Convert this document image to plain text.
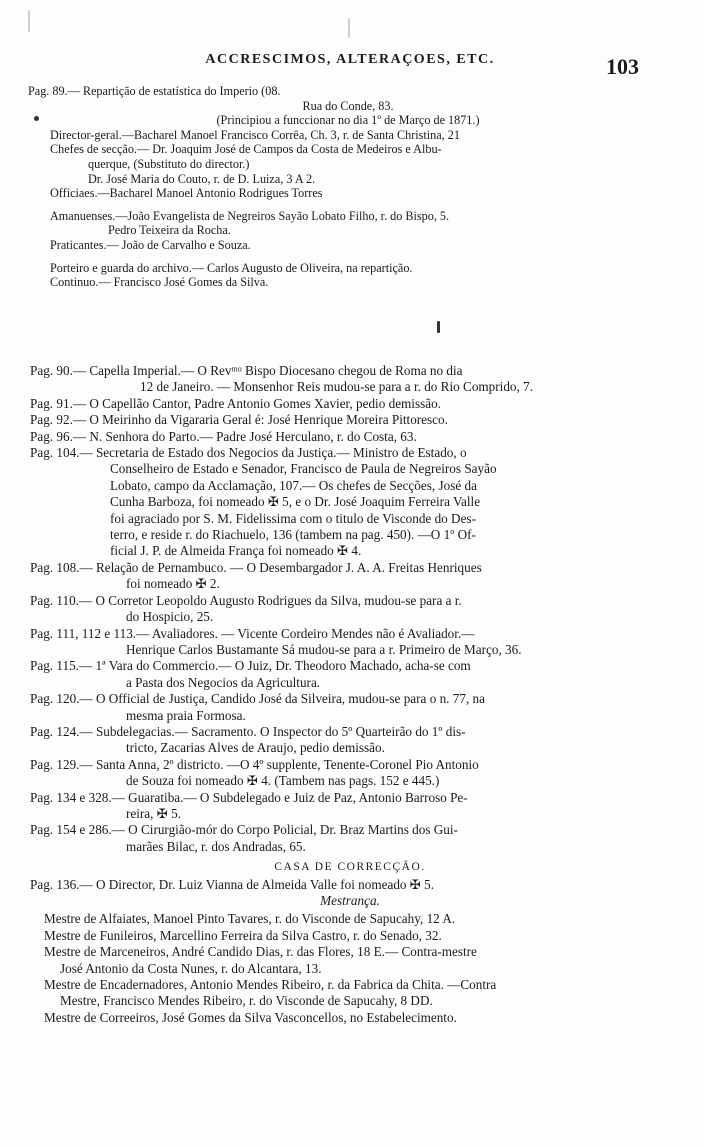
ACCRESCIMOS, ALTERAÇOES, ETC.	103
Pag. 89.— Repartição de estatística do Imperio (08.
Rua do Conde, 83.
(Principiou a funccionar no dia 1º de Março de 1871.)
Director-geral.—Bacharel Manoel Francisco Corrêa, Ch. 3, r. de Santa Christina, 21
Chefes de secção.— Dr. Joaquim José de Campos da Costa de Medeiros e Albu-
querque, (Substituto do director.)
Dr. José Maria do Couto, r. de D. Luiza, 3 A 2.
Officiaes.—Bacharel Manoel Antonio Rodrigues Torres
Amanuenses.—João Evangelista de Negreiros Sayão Lobato Filho, r. do Bispo, 5.
Pedro Teixeira da Rocha.
Praticantes.— João de Carvalho e Souza.
Porteiro e guarda do archivo.— Carlos Augusto de Oliveira, na repartição.
Continuo.— Francisco José Gomes da Silva.
Pag. 90.— Capella Imperial.— O Revᵐᵒ Bispo Diocesano chegou de Roma no dia
12 de Janeiro. — Monsenhor Reis mudou-se para a r. do Rio Comprido, 7.
Pag. 91.— O Capellão Cantor, Padre Antonio Gomes Xavier, pedio demissão.
Pag. 92.— O Meirinho da Vigararia Geral é: José Henrique Moreira Pittoresco.
Pag. 96.— N. Senhora do Parto.— Padre José Herculano, r. do Costa, 63.
Pag. 104.— Secretaria de Estado dos Negocios da Justiça.— Ministro de Estado, o
Conselheiro de Estado e Senador, Francisco de Paula de Negreiros Sayão
Lobato, campo da Acclamação, 107.— Os chefes de Secções, José da
Cunha Barboza, foi nomeado ✠ 5, e o Dr. José Joaquim Ferreira Valle
foi agraciado por S. M. Fidelissima com o titulo de Visconde do Des-
terro, e reside r. do Riachuelo, 136 (tambem na pag. 450). —O 1º Of-
ficial J. P. de Almeida França foi nomeado ✠ 4.
Pag. 108.— Relação de Pernambuco. — O Desembargador J. A. A. Freitas Henriques
foi nomeado ✠ 2.
Pag. 110.— O Corretor Leopoldo Augusto Rodrigues da Silva, mudou-se para a r.
do Hospicio, 25.
Pag. 111, 112 e 113.— Avaliadores. — Vicente Cordeiro Mendes não é Avaliador.—
Henrique Carlos Bustamante Sá mudou-se para a r. Primeiro de Março, 36.
Pag. 115.— 1ª Vara do Commercio.— O Juiz, Dr. Theodoro Machado, acha-se com
a Pasta dos Negocios da Agricultura.
Pag. 120.— O Official de Justiça, Candido José da Silveira, mudou-se para o n. 77, na
mesma praia Formosa.
Pag. 124.— Subdelegacias.— Sacramento. O Inspector do 5º Quarteirão do 1º dis-
tricto, Zacarias Alves de Araujo, pedio demissão.
Pag. 129.— Santa Anna, 2º districto. —O 4º supplente, Tenente-Coronel Pio Antonio
de Souza foi nomeado ✠ 4. (Tambem nas pags. 152 e 445.)
Pag. 134 e 328.— Guaratiba.— O Subdelegado e Juiz de Paz, Antonio Barroso Pe-
reira, ✠ 5.
Pag. 154 e 286.— O Cirurgião-mór do Corpo Policial, Dr. Braz Martins dos Gui-
marães Bilac, r. dos Andradas, 65.
CASA DE CORRECÇÃO.
Pag. 136.— O Director, Dr. Luiz Vianna de Almeida Valle foi nomeado ✠ 5.
Mestrança.
Mestre de Alfaiates, Manoel Pinto Tavares, r. do Visconde de Sapucahy, 12 A.
Mestre de Funileiros, Marcellino Ferreira da Silva Castro, r. do Senado, 32.
Mestre de Marceneiros, André Candido Dias, r. das Flores, 18 E.— Contra-mestre
José Antonio da Costa Nunes, r. do Alcantara, 13.
Mestre de Encadernadores, Antonio Mendes Ribeiro, r. da Fabrica da Chita. —Contra
Mestre, Francisco Mendes Ribeiro, r. do Visconde de Sapucahy, 8 DD.
Mestre de Correeiros, José Gomes da Silva Vasconcellos, no Estabelecimento.
